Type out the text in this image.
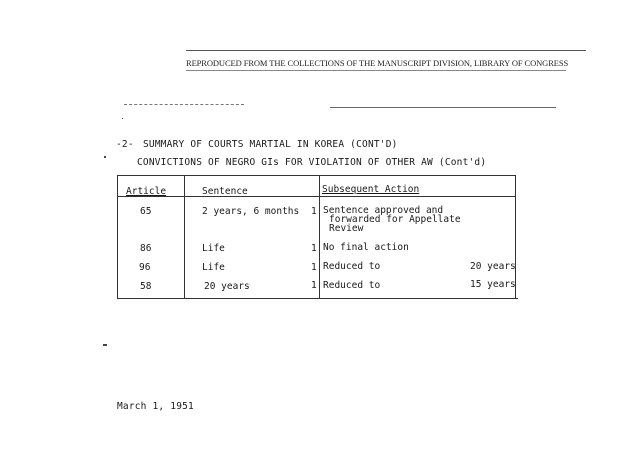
REPRODUCED FROM THE COLLECTIONS OF THE MANUSCRIPT DIVISION, LIBRARY OF CONGRESS
-2- SUMMARY OF COURTS MARTIAL IN KOREA (CONT'D)
CONVICTIONS OF NEGRO GIs FOR VIOLATION OF OTHER AW (Cont'd)
Article	Sentence	Subsequent Action
65	2 years, 6 months 1 Sentence approved and
forwarded for Appellate
Review
86	Life	1 No final action
96	Life	1 Reduced to	20 years
58	20 years	1 Reduced to	15 years
March 1, 1951
